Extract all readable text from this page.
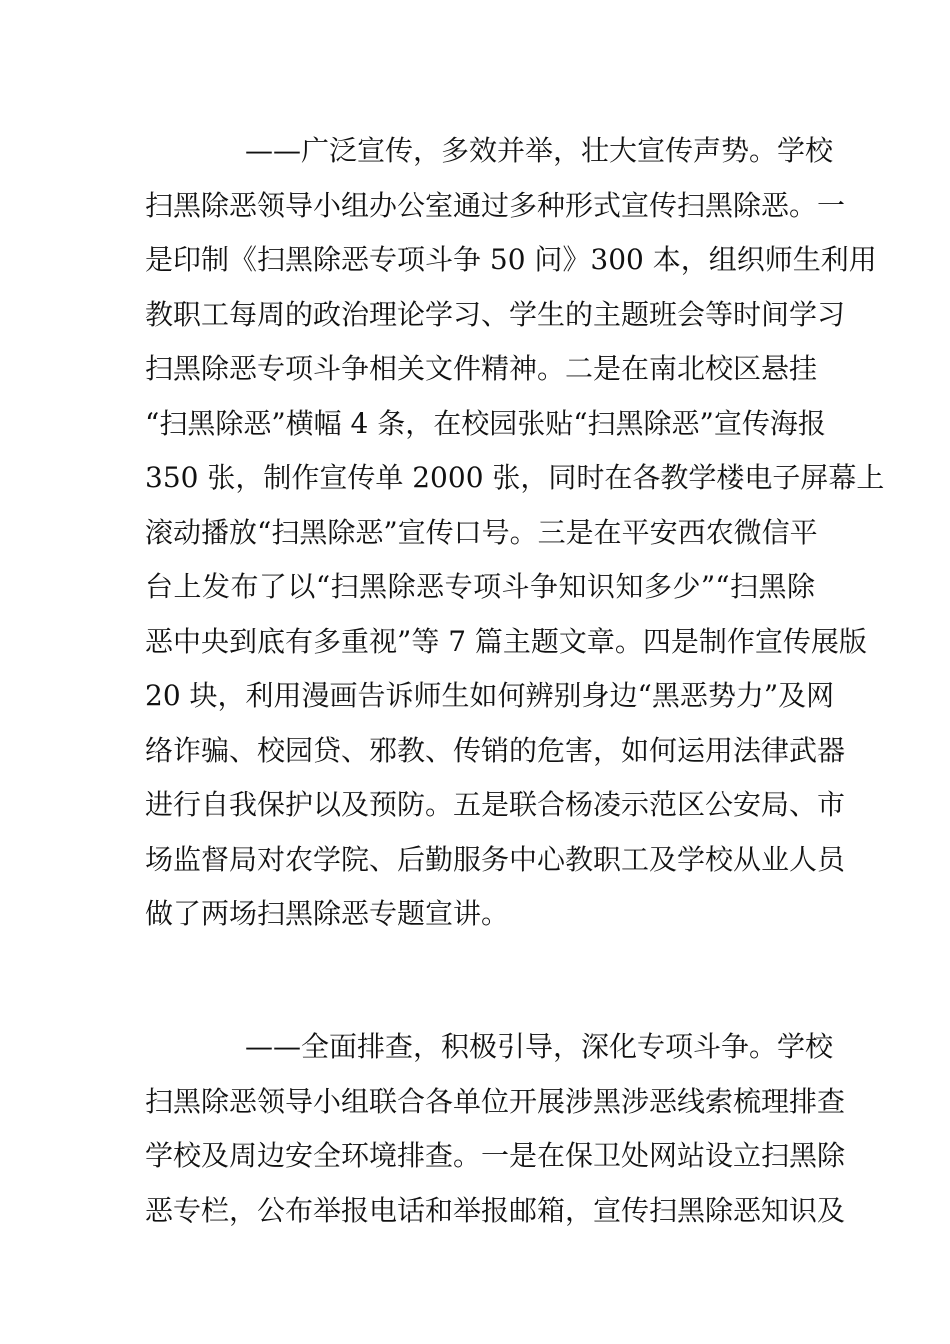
——广泛宣传，多效并举，壮大宣传声势。学校
扫黑除恶领导小组办公室通过多种形式宣传扫黑除恶。一
是印制《扫黑除恶专项斗争 50 问》300 本，组织师生利用
教职工每周的政治理论学习、学生的主题班会等时间学习
扫黑除恶专项斗争相关文件精神。二是在南北校区悬挂
“扫黑除恶”横幅 4 条，在校园张贴“扫黑除恶”宣传海报
350 张，制作宣传单 2000 张，同时在各教学楼电子屏幕上
滚动播放“扫黑除恶”宣传口号。三是在平安西农微信平
台上发布了以“扫黑除恶专项斗争知识知多少”“扫黑除
恶中央到底有多重视”等 7 篇主题文章。四是制作宣传展版
20 块，利用漫画告诉师生如何辨别身边“黑恶势力”及网
络诈骗、校园贷、邪教、传销的危害，如何运用法律武器
进行自我保护以及预防。五是联合杨凌示范区公安局、市
场监督局对农学院、后勤服务中心教职工及学校从业人员
做了两场扫黑除恶专题宣讲。
——全面排查，积极引导，深化专项斗争。学校
扫黑除恶领导小组联合各单位开展涉黑涉恶线索梳理排查
学校及周边安全环境排查。一是在保卫处网站设立扫黑除
恶专栏，公布举报电话和举报邮箱，宣传扫黑除恶知识及
